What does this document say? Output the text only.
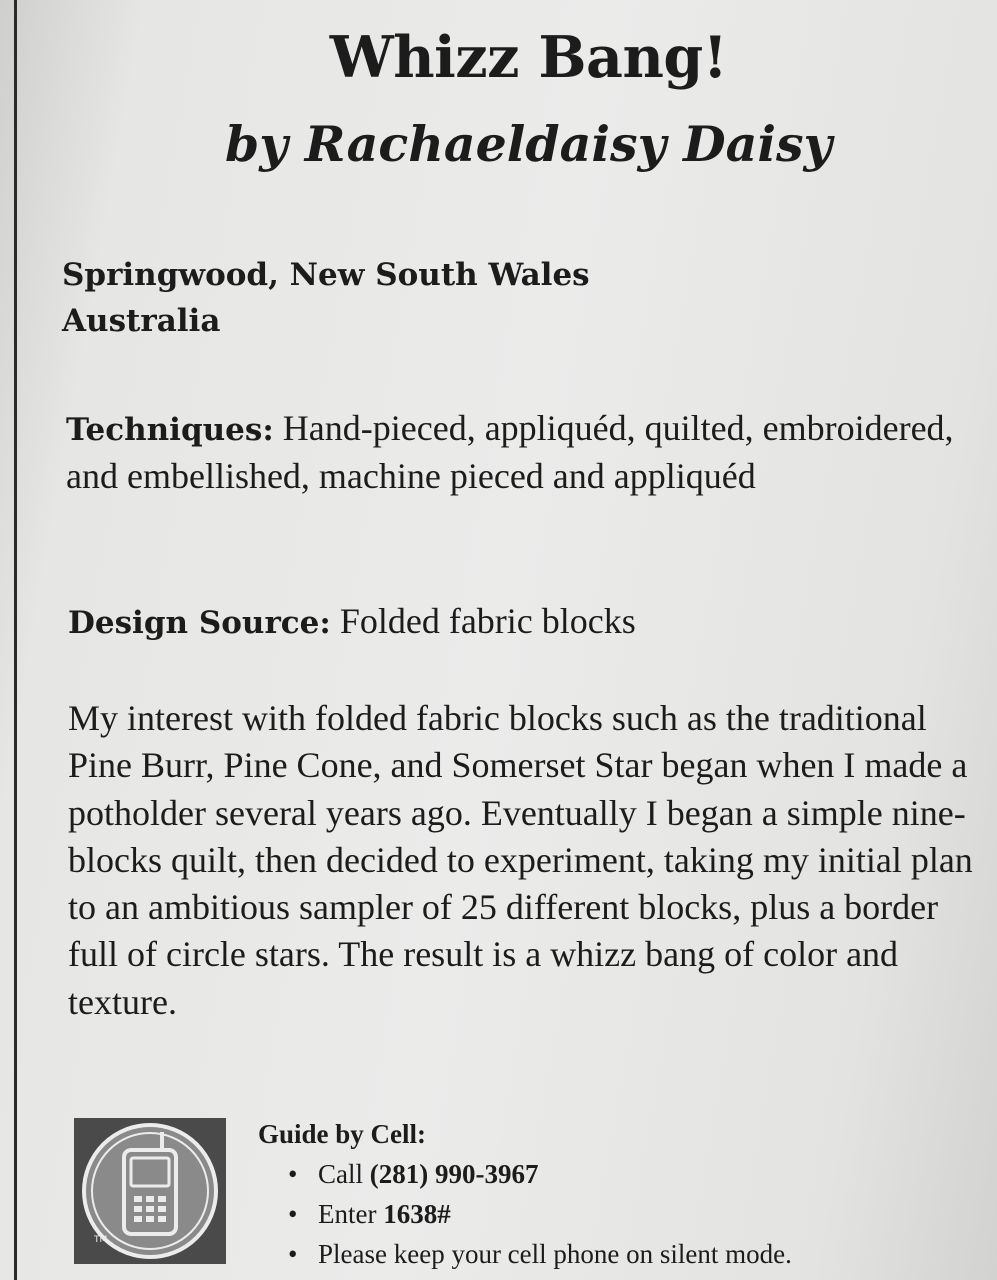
Whizz Bang!
by Rachaeldaisy Daisy
Springwood, New South Wales
Australia

Techniques: Hand-pieced, appliquéd, quilted, embroidered, and embellished, machine pieced and appliquéd

Design Source: Folded fabric blocks

My interest with folded fabric blocks such as the traditional Pine Burr, Pine Cone, and Somerset Star began when I made a potholder several years ago. Eventually I began a simple nine-blocks quilt, then decided to experiment, taking my initial plan to an ambitious sampler of 25 different blocks, plus a border full of circle stars. The result is a whizz bang of color and texture.

TM

Guide by Cell:

• Call (281) 990-3967
• Enter 1638#
• Please keep your cell phone on silent mode.
